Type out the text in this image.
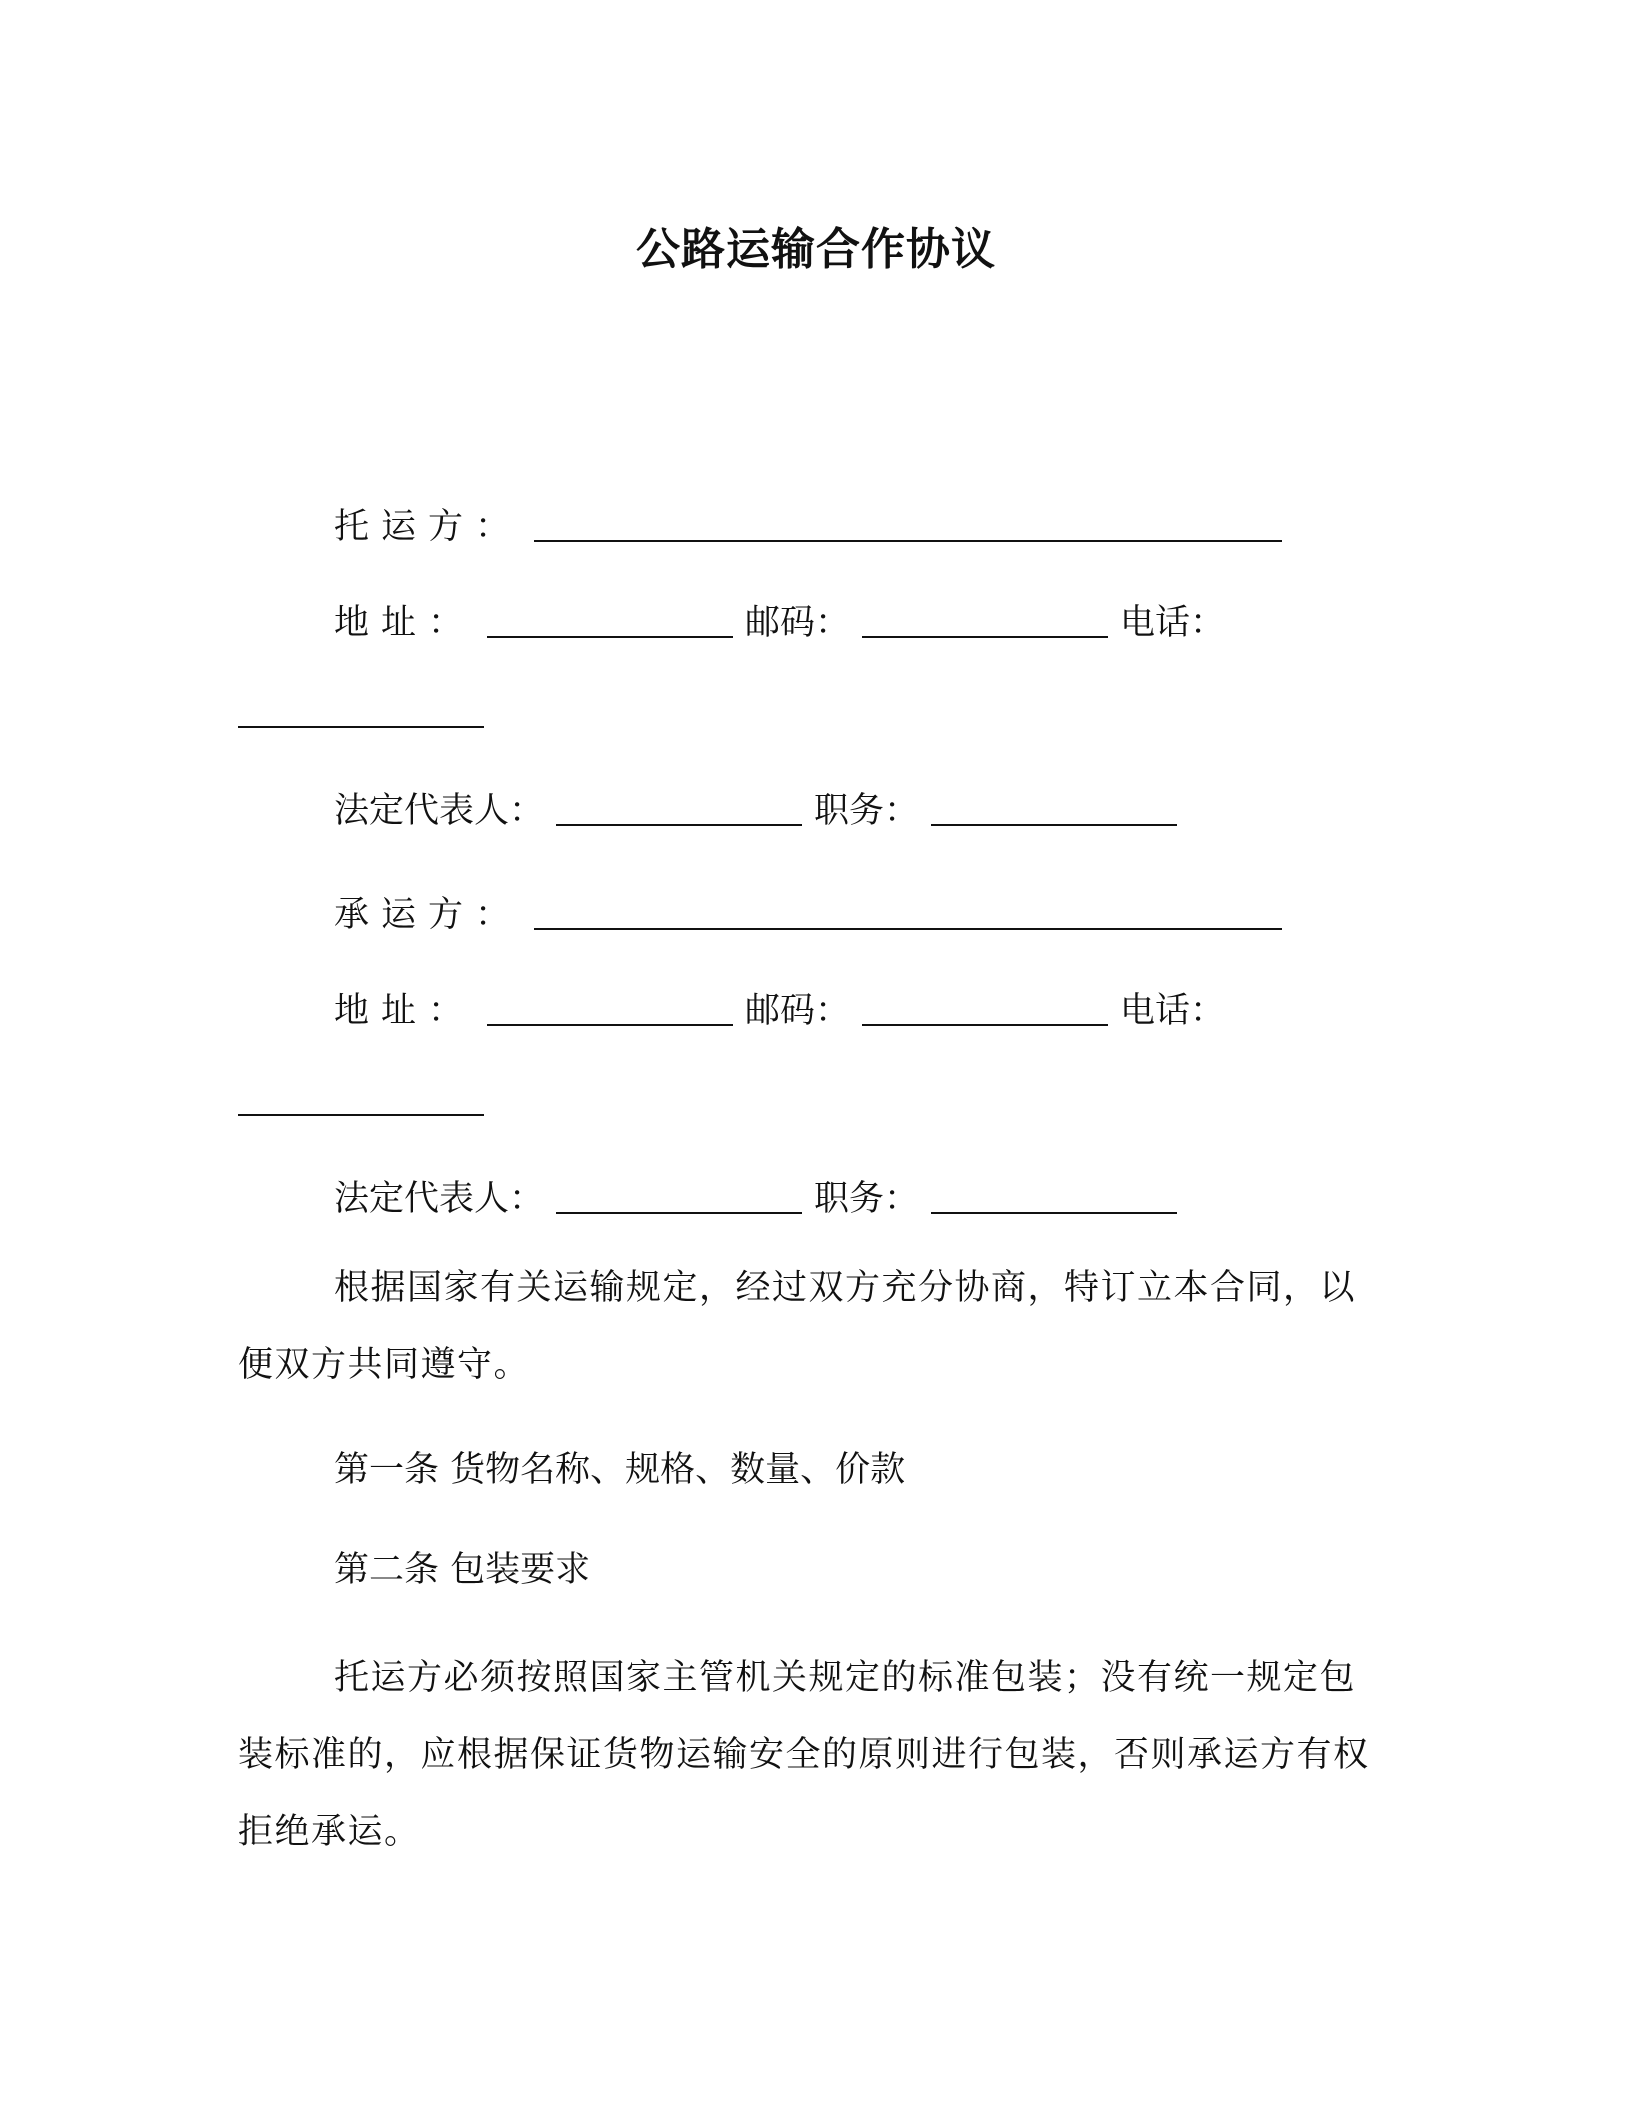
公路运输合作协议
托运方：
地址：	邮码：	电话：
法定代表人：	职务：
承运方：
地址：	邮码：	电话：
法定代表人：	职务：

根据国家有关运输规定，经过双方充分协商，特订立本合同，以便双方共同遵守。

第一条 货物名称、规格、数量、价款
第二条 包装要求

托运方必须按照国家主管机关规定的标准包装；没有统一规定包装标准的，应根据保证货物运输安全的原则进行包装，否则承运方有权拒绝承运。
